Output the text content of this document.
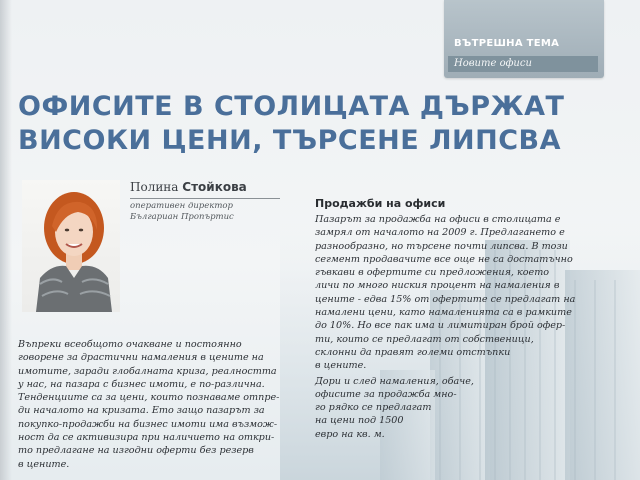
ВЪТРЕШНА ТЕМА
Новите офиси
ОФИСИТЕ В СТОЛИЦАТА ДЪРЖАТ
ВИСОКИ ЦЕНИ, ТЪРСЕНЕ ЛИПСВА
Полина Стойкова
оперативен директор
Българиан Пропъртис
Въпреки всеобщото очакване и постоянно
говорене за драстични намаления в цените на
имотите, заради глобалната криза, реалността
у нас, на пазара с бизнес имоти, е по-различна.
Тенденциите са за цени, които познаваме отпре-
ди началото на кризата. Ето защо пазарът за
покупко-продажби на бизнес имоти има възмож-
ност да се активизира при наличието на откри-
то предлагане на изгодни оферти без резерв
в цените.
Продажби на офиси

Пазарът за продажба на офиси в столицата е
замрял от началото на 2009 г. Предлагането е
разнообразно, но търсене почти липсва. В този
сегмент продавачите все още не са достатъчно
гъвкави в офертите си предложения, което
личи по много ниския процент на намаления в
цените - едва 15% от офертите се предлагат на
намалени цени, като намаленията са в рамките
до 10%. Но все пак има и лимитиран брой офер-
ти, които се предлагат от собственици,
склонни да правят големи отстъпки
в цените.

Дори и след намаления, обаче,
офисите за продажба мно-
го рядко се предлагат
на цени под 1500
евро на кв. м.
